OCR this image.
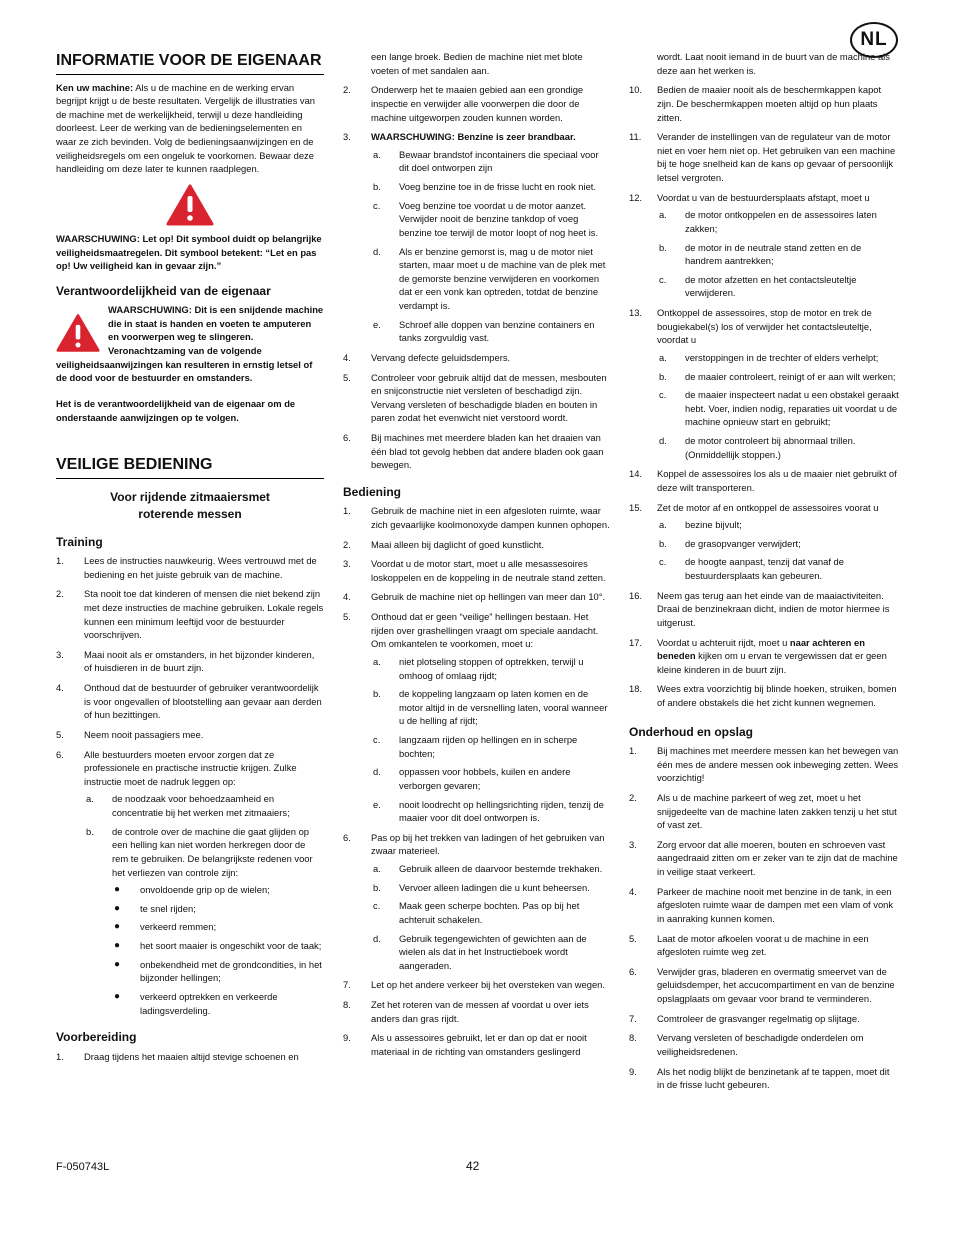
NL
INFORMATIE VOOR DE EIGENAAR

Ken uw machine: Als u de machine en de werking ervan begrijpt krijgt u de beste resultaten. Vergelijk de illustraties van de machine met de werkelijkheid, terwijl u deze handleiding doorleest. Leer de werking van de bedieningselementen en waar ze zich bevinden. Volg de bedieningsaanwijzingen en de veiligheidsregels om een ongeluk te voorkomen. Bewaar deze handleiding om deze later te kunnen raadplegen.

WAARSCHUWING: Let op! Dit symbool duidt op belangrijke veiligheidsmaatregelen. Dit symbool betekent: “Let en pas op! Uw veiligheid kan in gevaar zijn.”

Verantwoordelijkheid van de eigenaar

WAARSCHUWING: Dit is een snijdende machine die in staat is handen en voeten te amputeren en voorwerpen weg te slingeren. Veronachtzaming van de volgende veiligheidsaanwijzingen kan resulteren in ernstig letsel of de dood voor de bestuurder en omstanders.

Het is de verantwoordelijkheid van de eigenaar om de onderstaande aanwijzingen op te volgen.

VEILIGE BEDIENING
Voor rijdende zitmaaiersmet
roterende messen
Training
1. Lees de instructies nauwkeurig. Wees vertrouwd met de bediening en het juiste gebruik van de machine.
2. Sta nooit toe dat kinderen of mensen die niet bekend zijn met deze instructies de machine gebruiken. Lokale regels kunnen een minimum leeftijd voor de bestuurder voorschrijven.
3. Maai nooit als er omstanders, in het bijzonder kinderen, of huisdieren in de buurt zijn.
4. Onthoud dat de bestuurder of gebruiker verantwoordelijk is voor ongevallen of blootstelling aan gevaar aan derden of hun bezittingen.
5. Neem nooit passagiers mee.
6. Alle bestuurders moeten ervoor zorgen dat ze professionele en practische instructie krijgen. Zulke instructie moet de nadruk leggen op:
a. de noodzaak voor behoedzaamheid en concentratie bij het werken met zitmaaiers;
b. de controle over de machine die gaat glijden op een helling kan niet worden herkregen door de rem te gebruiken. De belangrijkste redenen voor het verliezen van controle zijn:
● onvoldoende grip op de wielen;
● te snel rijden;
● verkeerd remmen;
● het soort maaier is ongeschikt voor de taak;
● onbekendheid met de grondcondities, in het bijzonder hellingen;
● verkeerd optrekken en verkeerde ladingsverdeling.
Voorbereiding
1. Draag tijdens het maaien altijd stevige schoenen en
een lange broek. Bedien de machine niet met blote voeten of met sandalen aan.
2. Onderwerp het te maaien gebied aan een grondige inspectie en verwijder alle voorwerpen die door de machine uitgeworpen zouden kunnen worden.
3. WAARSCHUWING: Benzine is zeer brandbaar.
a. Bewaar brandstof incontainers die speciaal voor dit doel ontworpen zijn
b. Voeg benzine toe in de frisse lucht en rook niet.
c. Voeg benzine toe voordat u de motor aanzet. Verwijder nooit de benzine tankdop of voeg benzine toe terwijl de motor loopt of nog heet is.
d. Als er benzine gemorst is, mag u de motor niet starten, maar moet u de machine van de plek met de gemorste benzine verwijderen en voorkomen dat er een vonk kan optreden, totdat de benzine verdampt is.
e. Schroef alle doppen van benzine containers en tanks zorgvuldig vast.
4. Vervang defecte geluidsdempers.
5. Controleer voor gebruik altijd dat de messen, mesbouten en snijconstructie niet versleten of beschadigd zijn. Vervang versleten of beschadigde bladen en bouten in paren zodat het evenwicht niet verstoord wordt.
6. Bij machines met meerdere bladen kan het draaien van één blad tot gevolg hebben dat andere bladen ook gaan bewegen.
Bediening
1. Gebruik de machine niet in een afgesloten ruimte, waar zich gevaarlijke koolmonoxyde dampen kunnen ophopen.
2. Maai alleen bij daglicht of goed kunstlicht.
3. Voordat u de motor start, moet u alle mesassesoires loskoppelen en de koppeling in de neutrale stand zetten.
4. Gebruik de machine niet op hellingen van meer dan 10°.
5. Onthoud dat er geen “veilige” hellingen bestaan. Het rijden over grashellingen vraagt om speciale aandacht. Om omkantelen te voorkomen, moet u:
a. niet plotseling stoppen of optrekken, terwijl u omhoog of omlaag rijdt;
b. de koppeling langzaam op laten komen en de motor altijd in de versnelling laten, vooral wanneer u de helling af rijdt;
c. langzaam rijden op hellingen en in scherpe bochten;
d. oppassen voor hobbels, kuilen en andere verborgen gevaren;
e. nooit loodrecht op hellingsrichting rijden, tenzij de maaier voor dit doel ontworpen is.
6. Pas op bij het trekken van ladingen of het gebruiken van zwaar materieel.
a. Gebruik alleen de daarvoor bestemde trekhaken.
b. Vervoer alleen ladingen die u kunt beheersen.
c. Maak geen scherpe bochten. Pas op bij het achteruit schakelen.
d. Gebruik tegengewichten of gewichten aan de wielen als dat in het Instructieboek wordt aangeraden.
7. Let op het andere verkeer bij het oversteken van wegen.
8. Zet het roteren van de messen af voordat u over iets anders dan gras rijdt.
9. Als u assessoires gebruikt, let er dan op dat er nooit materiaal in de richting van omstanders geslingerd
wordt. Laat nooit iemand in de buurt van de machine als deze aan het werken is.
10. Bedien de maaier nooit als de beschermkappen kapot zijn. De beschermkappen moeten altijd op hun plaats zitten.
11. Verander de instellingen van de regulateur van de motor niet en voer hem niet op. Het gebruiken van een machine bij te hoge snelheid kan de kans op gevaar of persoonlijk letsel vergroten.
12. Voordat u van de bestuurdersplaats afstapt, moet u
a. de motor ontkoppelen en de assessoires laten zakken;
b. de motor in de neutrale stand zetten en de handrem aantrekken;
c. de motor afzetten en het contactsleuteltje verwijderen.
13. Ontkoppel de assessoires, stop de motor en trek de bougiekabel(s) los of verwijder het contactsleuteltje, voordat u
a. verstoppingen in de trechter of elders verhelpt;
b. de maaier controleert, reinigt of er aan wilt werken;
c. de maaier inspecteert nadat u een obstakel geraakt hebt. Voer, indien nodig, reparaties uit voordat u de machine opnieuw start en gebruikt;
d. de motor controleert bij abnormaal trillen. (Onmiddellijk stoppen.)
14. Koppel de assessoires los als u de maaier niet gebruikt of deze wilt transporteren.
15. Zet de motor af en ontkoppel de assessoires voorat u
a. bezine bijvult;
b. de grasopvanger verwijdert;
c. de hoogte aanpast, tenzij dat vanaf de bestuurdersplaats kan gebeuren.
16. Neem gas terug aan het einde van de maaiactiviteiten. Draai de benzinekraan dicht, indien de motor hiermee is uitgerust.
17. Voordat u achteruit rijdt, moet u naar achteren en beneden kijken om u ervan te vergewissen dat er geen kleine kinderen in de buurt zijn.
18. Wees extra voorzichtig bij blinde hoeken, struiken, bomen of andere obstakels die het zicht kunnen wegnemen.
Onderhoud en opslag
1. Bij machines met meerdere messen kan het bewegen van één mes de andere messen ook inbeweging zetten. Wees voorzichtig!
2. Als u de machine parkeert of weg zet, moet u het snijgedeelte van de machine laten zakken tenzij u het stut of vast zet.
3. Zorg ervoor dat alle moeren, bouten en schroeven vast aangedraaid zitten om er zeker van te zijn dat de machine in veilige staat verkeert.
4. Parkeer de machine nooit met benzine in de tank, in een afgesloten ruimte waar de dampen met een vlam of vonk in aanraking kunnen komen.
5. Laat de motor afkoelen voorat u de machine in een afgesloten ruimte weg zet.
6. Verwijder gras, bladeren en overmatig smeervet van de geluidsdemper, het accucompartiment en van de benzine opslagplaats om gevaar voor brand te verminderen.
7. Comtroleer de grasvanger regelmatig op slijtage.
8. Vervang versleten of beschadigde onderdelen om veiligheidsredenen.
9. Als het nodig blijkt de benzinetank af te tappen, moet dit in de frisse lucht gebeuren.
F-050743L	42
